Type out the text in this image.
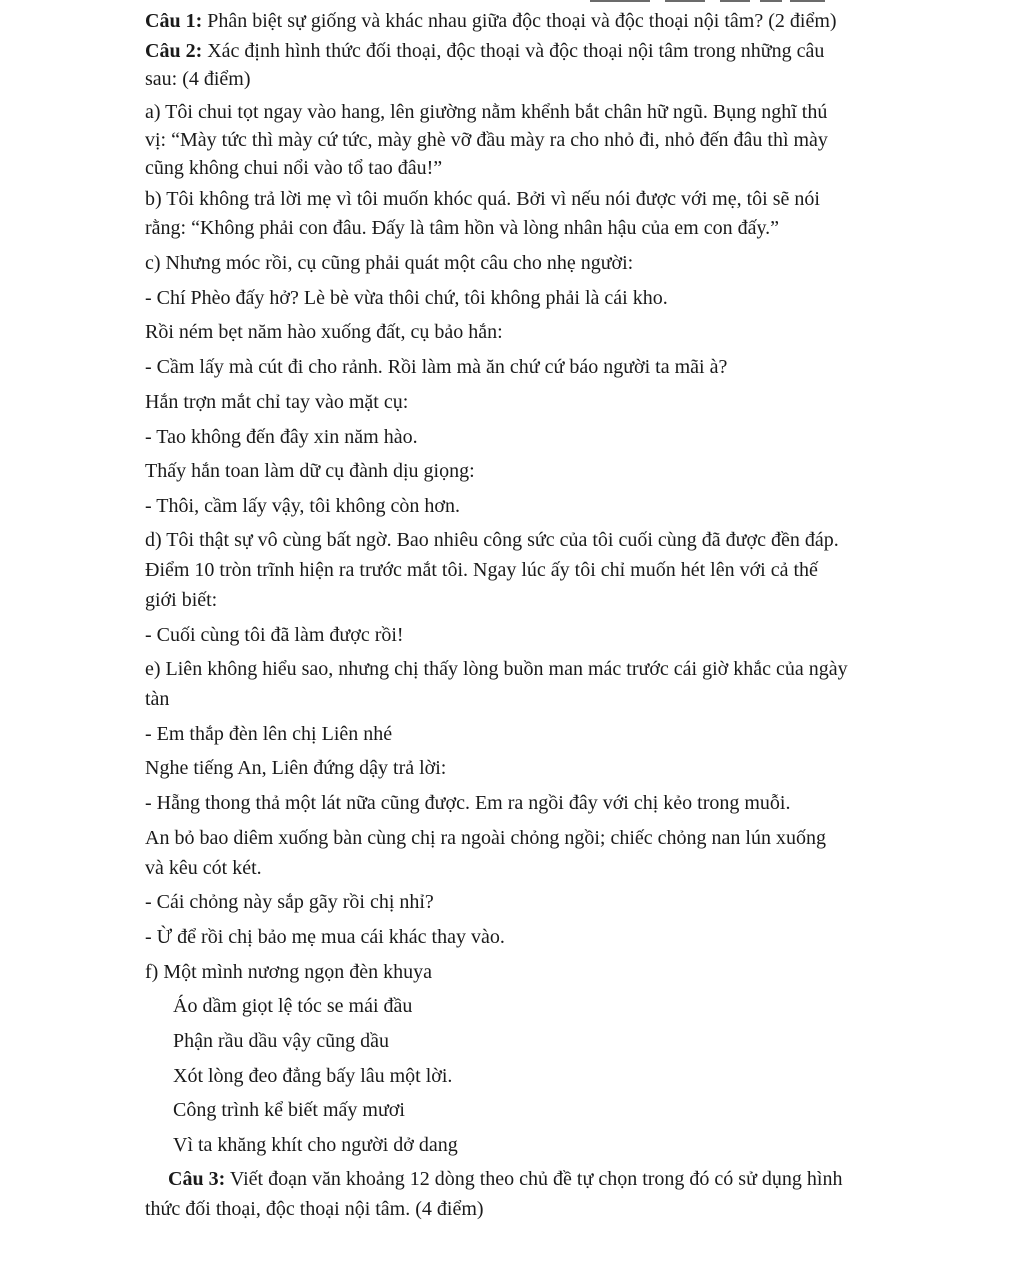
Câu 1: Phân biệt sự giống và khác nhau giữa độc thoại và độc thoại nội tâm? (2 điểm)
Câu 2: Xác định hình thức đối thoại, độc thoại và độc thoại nội tâm trong những câu
sau: (4 điểm)
a) Tôi chui tọt ngay vào hang, lên giường nằm khểnh bắt chân hữ ngũ. Bụng nghĩ thú
vị: “Mày tức thì mày cứ tức, mày ghè vỡ đầu mày ra cho nhỏ đi, nhỏ đến đâu thì mày
cũng không chui nổi vào tổ tao đâu!”
b) Tôi không trả lời mẹ vì tôi muốn khóc quá. Bởi vì nếu nói được với mẹ, tôi sẽ nói
rằng: “Không phải con đâu. Đấy là tâm hồn và lòng nhân hậu của em con đấy.”
c) Nhưng móc rồi, cụ cũng phải quát một câu cho nhẹ người:
- Chí Phèo đấy hở? Lè bè vừa thôi chứ, tôi không phải là cái kho.
Rồi ném bẹt năm hào xuống đất, cụ bảo hắn:
- Cầm lấy mà cút đi cho rảnh. Rồi làm mà ăn chứ cứ báo người ta mãi à?
Hắn trợn mắt chỉ tay vào mặt cụ:
- Tao không đến đây xin năm hào.
Thấy hắn toan làm dữ cụ đành dịu giọng:
- Thôi, cầm lấy vậy, tôi không còn hơn.
d) Tôi thật sự vô cùng bất ngờ. Bao nhiêu công sức của tôi cuối cùng đã được đền đáp.
Điểm 10 tròn trĩnh hiện ra trước mắt tôi. Ngay lúc ấy tôi chỉ muốn hét lên với cả thế
giới biết:
- Cuối cùng tôi đã làm được rồi!
e) Liên không hiểu sao, nhưng chị thấy lòng buồn man mác trước cái giờ khắc của ngày
tàn
- Em thắp đèn lên chị Liên nhé
Nghe tiếng An, Liên đứng dậy trả lời:
- Hẵng thong thả một lát nữa cũng được. Em ra ngồi đây với chị kẻo trong muỗi.
An bỏ bao diêm xuống bàn cùng chị ra ngoài chỏng ngồi; chiếc chỏng nan lún xuống
và kêu cót két.
- Cái chỏng này sắp gãy rồi chị nhỉ?
- Ừ để rồi chị bảo mẹ mua cái khác thay vào.
f) Một mình nương ngọn đèn khuya
Áo dầm giọt lệ tóc se mái đầu
Phận rầu dầu vậy cũng dầu
Xót lòng đeo đẳng bấy lâu một lời.
Công trình kể biết mấy mươi
Vì ta khăng khít cho người dở dang
Câu 3: Viết đoạn văn khoảng 12 dòng theo chủ đề tự chọn trong đó có sử dụng hình
thức đối thoại, độc thoại nội tâm. (4 điểm)
